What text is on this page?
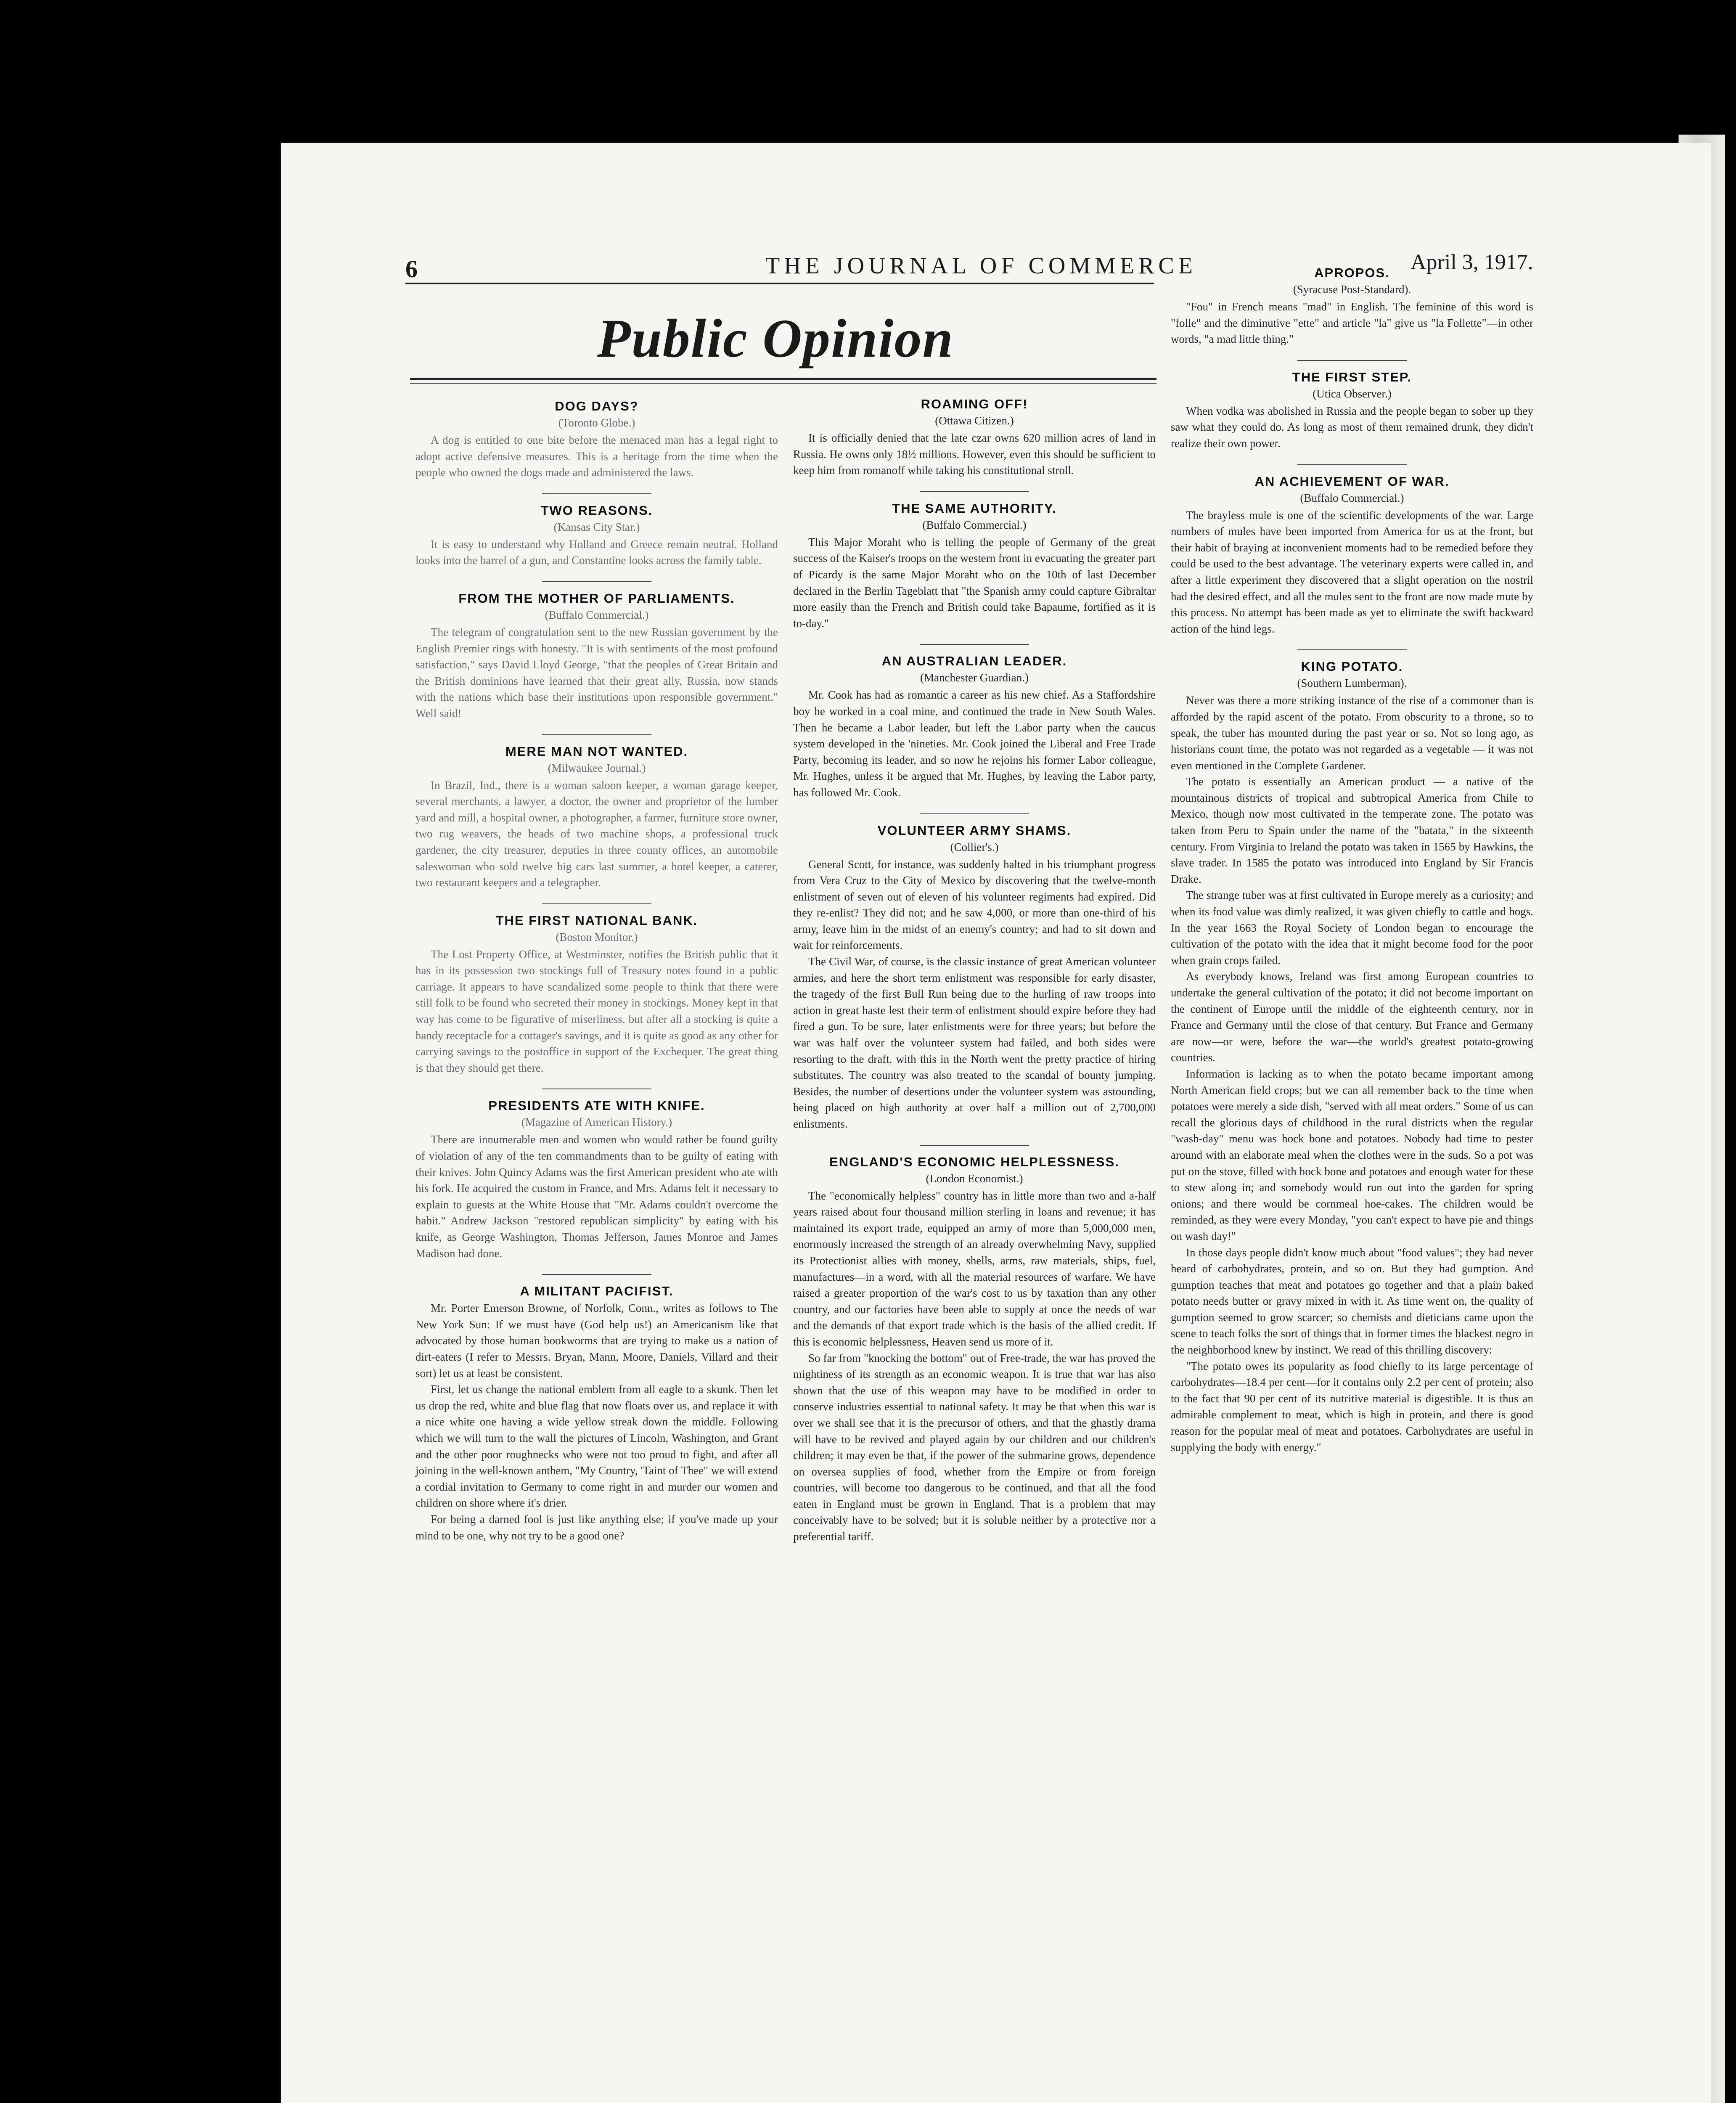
6	THE JOURNAL OF COMMERCE	April 3, 1917.
Public Opinion
DOG DAYS?
(Toronto Globe.)

A dog is entitled to one bite before the menaced man has a legal right to adopt active defensive measures. This is a heritage from the time when the people who owned the dogs made and administered the laws.

TWO REASONS.
(Kansas City Star.)

It is easy to understand why Holland and Greece remain neutral. Holland looks into the barrel of a gun, and Constantine looks across the family table.

FROM THE MOTHER OF PARLIAMENTS.
(Buffalo Commercial.)

The telegram of congratulation sent to the new Russian government by the English Premier rings with honesty. "It is with sentiments of the most profound satisfaction," says David Lloyd George, "that the peoples of Great Britain and the British dominions have learned that their great ally, Russia, now stands with the nations which base their institutions upon responsible government." Well said!

MERE MAN NOT WANTED.
(Milwaukee Journal.)

In Brazil, Ind., there is a woman saloon keeper, a woman garage keeper, several merchants, a lawyer, a doctor, the owner and proprietor of the lumber yard and mill, a hospital owner, a photographer, a farmer, furniture store owner, two rug weavers, the heads of two machine shops, a professional truck gardener, the city treasurer, deputies in three county offices, an automobile saleswoman who sold twelve big cars last summer, a hotel keeper, a caterer, two restaurant keepers and a telegrapher.

THE FIRST NATIONAL BANK.
(Boston Monitor.)

The Lost Property Office, at Westminster, notifies the British public that it has in its possession two stockings full of Treasury notes found in a public carriage. It appears to have scandalized some people to think that there were still folk to be found who secreted their money in stockings. Money kept in that way has come to be figurative of miserliness, but after all a stocking is quite a handy receptacle for a cottager's savings, and it is quite as good as any other for carrying savings to the postoffice in support of the Exchequer. The great thing is that they should get there.

PRESIDENTS ATE WITH KNIFE.
(Magazine of American History.)

There are innumerable men and women who would rather be found guilty of violation of any of the ten commandments than to be guilty of eating with their knives. John Quincy Adams was the first American president who ate with his fork. He acquired the custom in France, and Mrs. Adams felt it necessary to explain to guests at the White House that "Mr. Adams couldn't overcome the habit." Andrew Jackson "restored republican simplicity" by eating with his knife, as George Washington, Thomas Jefferson, James Monroe and James Madison had done.

A MILITANT PACIFIST.

Mr. Porter Emerson Browne, of Norfolk, Conn., writes as follows to The New York Sun: If we must have (God help us!) an Americanism like that advocated by those human bookworms that are trying to make us a nation of dirt-eaters (I refer to Messrs. Bryan, Mann, Moore, Daniels, Villard and their sort) let us at least be consistent.

First, let us change the national emblem from all eagle to a skunk. Then let us drop the red, white and blue flag that now floats over us, and replace it with a nice white one having a wide yellow streak down the middle. Following which we will turn to the wall the pictures of Lincoln, Washington, and Grant and the other poor roughnecks who were not too proud to fight, and after all joining in the well-known anthem, "My Country, 'Taint of Thee" we will extend a cordial invitation to Germany to come right in and murder our women and children on shore where it's drier.

For being a darned fool is just like anything else; if you've made up your mind to be one, why not try to be a good one?

ROAMING OFF!
(Ottawa Citizen.)

It is officially denied that the late czar owns 620 million acres of land in Russia. He owns only 18½ millions. However, even this should be sufficient to keep him from romanoff while taking his constitutional stroll.

THE SAME AUTHORITY.
(Buffalo Commercial.)

This Major Moraht who is telling the people of Germany of the great success of the Kaiser's troops on the western front in evacuating the greater part of Picardy is the same Major Moraht who on the 10th of last December declared in the Berlin Tageblatt that "the Spanish army could capture Gibraltar more easily than the French and British could take Bapaume, fortified as it is to-day."

AN AUSTRALIAN LEADER.
(Manchester Guardian.)

Mr. Cook has had as romantic a career as his new chief. As a Staffordshire boy he worked in a coal mine, and continued the trade in New South Wales. Then he became a Labor leader, but left the Labor party when the caucus system developed in the 'nineties. Mr. Cook joined the Liberal and Free Trade Party, becoming its leader, and so now he rejoins his former Labor colleague, Mr. Hughes, unless it be argued that Mr. Hughes, by leaving the Labor party, has followed Mr. Cook.

VOLUNTEER ARMY SHAMS.
(Collier's.)

General Scott, for instance, was suddenly halted in his triumphant progress from Vera Cruz to the City of Mexico by discovering that the twelve-month enlistment of seven out of eleven of his volunteer regiments had expired. Did they re-enlist? They did not; and he saw 4,000, or more than one-third of his army, leave him in the midst of an enemy's country; and had to sit down and wait for reinforcements.

The Civil War, of course, is the classic instance of great American volunteer armies, and here the short term enlistment was responsible for early disaster, the tragedy of the first Bull Run being due to the hurling of raw troops into action in great haste lest their term of enlistment should expire before they had fired a gun. To be sure, later enlistments were for three years; but before the war was half over the volunteer system had failed, and both sides were resorting to the draft, with this in the North went the pretty practice of hiring substitutes. The country was also treated to the scandal of bounty jumping. Besides, the number of desertions under the volunteer system was astounding, being placed on high authority at over half a million out of 2,700,000 enlistments.

ENGLAND'S ECONOMIC HELPLESSNESS.
(London Economist.)

The "economically helpless" country has in little more than two and a-half years raised about four thousand million sterling in loans and revenue; it has maintained its export trade, equipped an army of more than 5,000,000 men, enormously increased the strength of an already overwhelming Navy, supplied its Protectionist allies with money, shells, arms, raw materials, ships, fuel, manufactures—in a word, with all the material resources of warfare. We have raised a greater proportion of the war's cost to us by taxation than any other country, and our factories have been able to supply at once the needs of war and the demands of that export trade which is the basis of the allied credit. If this is economic helplessness, Heaven send us more of it.

So far from "knocking the bottom" out of Free-trade, the war has proved the mightiness of its strength as an economic weapon. It is true that war has also shown that the use of this weapon may have to be modified in order to conserve industries essential to national safety. It may be that when this war is over we shall see that it is the precursor of others, and that the ghastly drama will have to be revived and played again by our children and our children's children; it may even be that, if the power of the submarine grows, dependence on oversea supplies of food, whether from the Empire or from foreign countries, will become too dangerous to be continued, and that all the food eaten in England must be grown in England. That is a problem that may conceivably have to be solved; but it is soluble neither by a protective nor a preferential tariff.

APROPOS.
(Syracuse Post-Standard).

"Fou" in French means "mad" in English. The feminine of this word is "folle" and the diminutive "ette" and article "la" give us "la Follette"—in other words, "a mad little thing."

THE FIRST STEP.
(Utica Observer.)

When vodka was abolished in Russia and the people began to sober up they saw what they could do. As long as most of them remained drunk, they didn't realize their own power.

AN ACHIEVEMENT OF WAR.
(Buffalo Commercial.)

The brayless mule is one of the scientific developments of the war. Large numbers of mules have been imported from America for us at the front, but their habit of braying at inconvenient moments had to be remedied before they could be used to the best advantage. The veterinary experts were called in, and after a little experiment they discovered that a slight operation on the nostril had the desired effect, and all the mules sent to the front are now made mute by this process. No attempt has been made as yet to eliminate the swift backward action of the hind legs.

KING POTATO.
(Southern Lumberman).

Never was there a more striking instance of the rise of a commoner than is afforded by the rapid ascent of the potato. From obscurity to a throne, so to speak, the tuber has mounted during the past year or so. Not so long ago, as historians count time, the potato was not regarded as a vegetable — it was not even mentioned in the Complete Gardener.

The potato is essentially an American product — a native of the mountainous districts of tropical and subtropical America from Chile to Mexico, though now most cultivated in the temperate zone. The potato was taken from Peru to Spain under the name of the "batata," in the sixteenth century. From Virginia to Ireland the potato was taken in 1565 by Hawkins, the slave trader. In 1585 the potato was introduced into England by Sir Francis Drake.

The strange tuber was at first cultivated in Europe merely as a curiosity; and when its food value was dimly realized, it was given chiefly to cattle and hogs. In the year 1663 the Royal Society of London began to encourage the cultivation of the potato with the idea that it might become food for the poor when grain crops failed.

As everybody knows, Ireland was first among European countries to undertake the general cultivation of the potato; it did not become important on the continent of Europe until the middle of the eighteenth century, nor in France and Germany until the close of that century. But France and Germany are now—or were, before the war—the world's greatest potato-growing countries.

Information is lacking as to when the potato became important among North American field crops; but we can all remember back to the time when potatoes were merely a side dish, "served with all meat orders." Some of us can recall the glorious days of childhood in the rural districts when the regular "wash-day" menu was hock bone and potatoes. Nobody had time to pester around with an elaborate meal when the clothes were in the suds. So a pot was put on the stove, filled with hock bone and potatoes and enough water for these to stew along in; and somebody would run out into the garden for spring onions; and there would be cornmeal hoe-cakes. The children would be reminded, as they were every Monday, "you can't expect to have pie and things on wash day!"

In those days people didn't know much about "food values"; they had never heard of carbohydrates, protein, and so on. But they had gumption. And gumption teaches that meat and potatoes go together and that a plain baked potato needs butter or gravy mixed in with it. As time went on, the quality of gumption seemed to grow scarcer; so chemists and dieticians came upon the scene to teach folks the sort of things that in former times the blackest negro in the neighborhood knew by instinct. We read of this thrilling discovery:

"The potato owes its popularity as food chiefly to its large percentage of carbohydrates—18.4 per cent—for it contains only 2.2 per cent of protein; also to the fact that 90 per cent of its nutritive material is digestible. It is thus an admirable complement to meat, which is high in protein, and there is good reason for the popular meal of meat and potatoes. Carbohydrates are useful in supplying the body with energy."
